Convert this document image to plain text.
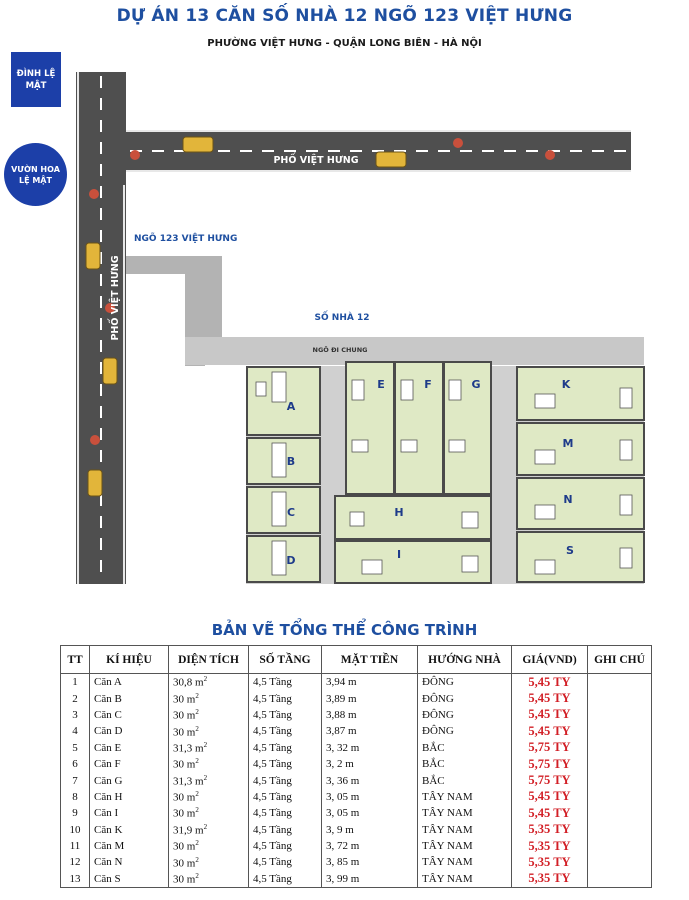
DỰ ÁN 13 CĂN SỐ NHÀ 12 NGÕ 123 VIỆT HƯNG
PHƯỜNG VIỆT HƯNG - QUẬN LONG BIÊN - HÀ NỘI
A
B
C
D
E	F	G
H
I
K
M
N
S
PHỐ VIỆT HƯNG
PHỐ VIỆT HƯNG
NGÕ 123 VIỆT HƯNG
SỐ NHÀ 12
NGÕ ĐI CHUNG
ĐÌNH LỆ
MẬT
VƯỜN HOA
LỆ MẬT
BẢN VẼ TỔNG THỂ CÔNG TRÌNH
TT	KÍ HIỆU	DIỆN TÍCH	SỐ TẦNG	MẶT TIỀN	HƯỚNG NHÀ	GIÁ(VND)	GHI CHÚ
1	Căn A	30,8 $m^2$	4,5 Tầng	3,94 m	ĐÔNG	5,45 TY	
2	Căn B	30 $m^2$	4,5 Tầng	3,89 m	ĐÔNG	5,45 TY	
3	Căn C	30 $m^2$	4,5 Tầng	3,88 m	ĐÔNG	5,45 TY	
4	Căn D	30 $m^2$	4,5 Tầng	3,87 m	ĐÔNG	5,45 TY	
5	Căn E	31,3 $m^2$	4,5 Tầng	3, 32 m	BẮC	5,75 TY	
6	Căn F	30 $m^2$	4,5 Tầng	3, 2 m	BẮC	5,75 TY	
7	Căn G	31,3 $m^2$	4,5 Tầng	3, 36 m	BẮC	5,75 TY	
8	Căn H	30 $m^2$	4,5 Tầng	3, 05 m	TÂY NAM	5,45 TY	
9	Căn I	30 $m^2$	4,5 Tầng	3, 05 m	TÂY NAM	5,45 TY	
10	Căn K	31,9 $m^2$	4,5 Tầng	3, 9 m	TÂY NAM	5,35 TY	
11	Căn M	30 $m^2$	4,5 Tầng	3, 72 m	TÂY NAM	5,35 TY	
12	Căn N	30 $m^2$	4,5 Tầng	3, 85 m	TÂY NAM	5,35 TY	
13	Căn S	30 $m^2$	4,5 Tầng	3, 99 m	TÂY NAM	5,35 TY	
